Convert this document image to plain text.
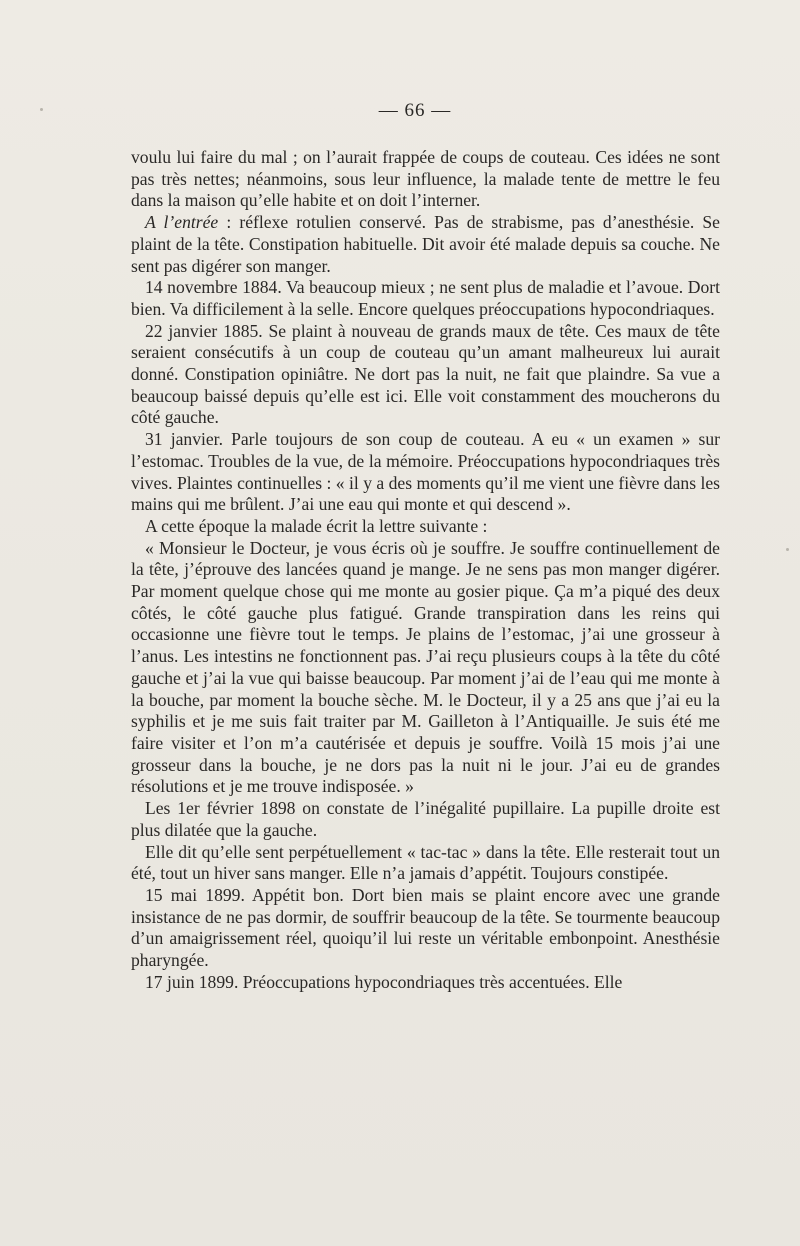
— 66 —

voulu lui faire du mal ; on l’aurait frappée de coups de couteau. Ces idées ne sont pas très nettes; néanmoins, sous leur influence, la malade tente de mettre le feu dans la maison qu’elle habite et on doit l’interner.

A l’entrée : réflexe rotulien conservé. Pas de strabisme, pas d’anesthésie. Se plaint de la tête. Constipation habituelle. Dit avoir été malade depuis sa couche. Ne sent pas digérer son manger.

14 novembre 1884. Va beaucoup mieux ; ne sent plus de maladie et l’avoue. Dort bien. Va difficilement à la selle. Encore quelques préoccupations hypocondriaques.

22 janvier 1885. Se plaint à nouveau de grands maux de tête. Ces maux de tête seraient consécutifs à un coup de couteau qu’un amant malheureux lui aurait donné. Constipation opiniâtre. Ne dort pas la nuit, ne fait que plaindre. Sa vue a beaucoup baissé depuis qu’elle est ici. Elle voit constamment des moucherons du côté gauche.

31 janvier. Parle toujours de son coup de couteau. A eu « un examen » sur l’estomac. Troubles de la vue, de la mémoire. Préoccupations hypocondriaques très vives. Plaintes continuelles : « il y a des moments qu’il me vient une fièvre dans les mains qui me brûlent. J’ai une eau qui monte et qui descend ».

A cette époque la malade écrit la lettre suivante :

« Monsieur le Docteur, je vous écris où je souffre. Je souffre continuellement de la tête, j’éprouve des lancées quand je mange. Je ne sens pas mon manger digérer. Par moment quelque chose qui me monte au gosier pique. Ça m’a piqué des deux côtés, le côté gauche plus fatigué. Grande transpiration dans les reins qui occasionne une fièvre tout le temps. Je plains de l’estomac, j’ai une grosseur à l’anus. Les intestins ne fonctionnent pas. J’ai reçu plusieurs coups à la tête du côté gauche et j’ai la vue qui baisse beaucoup. Par moment j’ai de l’eau qui me monte à la bouche, par moment la bouche sèche. M. le Docteur, il y a 25 ans que j’ai eu la syphilis et je me suis fait traiter par M. Gailleton à l’Antiquaille. Je suis été me faire visiter et l’on m’a cautérisée et depuis je souffre. Voilà 15 mois j’ai une grosseur dans la bouche, je ne dors pas la nuit ni le jour. J’ai eu de grandes résolutions et je me trouve indisposée. »

Les 1er février 1898 on constate de l’inégalité pupillaire. La pupille droite est plus dilatée que la gauche.

Elle dit qu’elle sent perpétuellement « tac-tac » dans la tête. Elle resterait tout un été, tout un hiver sans manger. Elle n’a jamais d’appétit. Toujours constipée.

15 mai 1899. Appétit bon. Dort bien mais se plaint encore avec une grande insistance de ne pas dormir, de souffrir beaucoup de la tête. Se tourmente beaucoup d’un amaigrissement réel, quoiqu’il lui reste un véritable embonpoint. Anesthésie pharyngée.

17 juin 1899. Préoccupations hypocondriaques très accentuées. Elle
